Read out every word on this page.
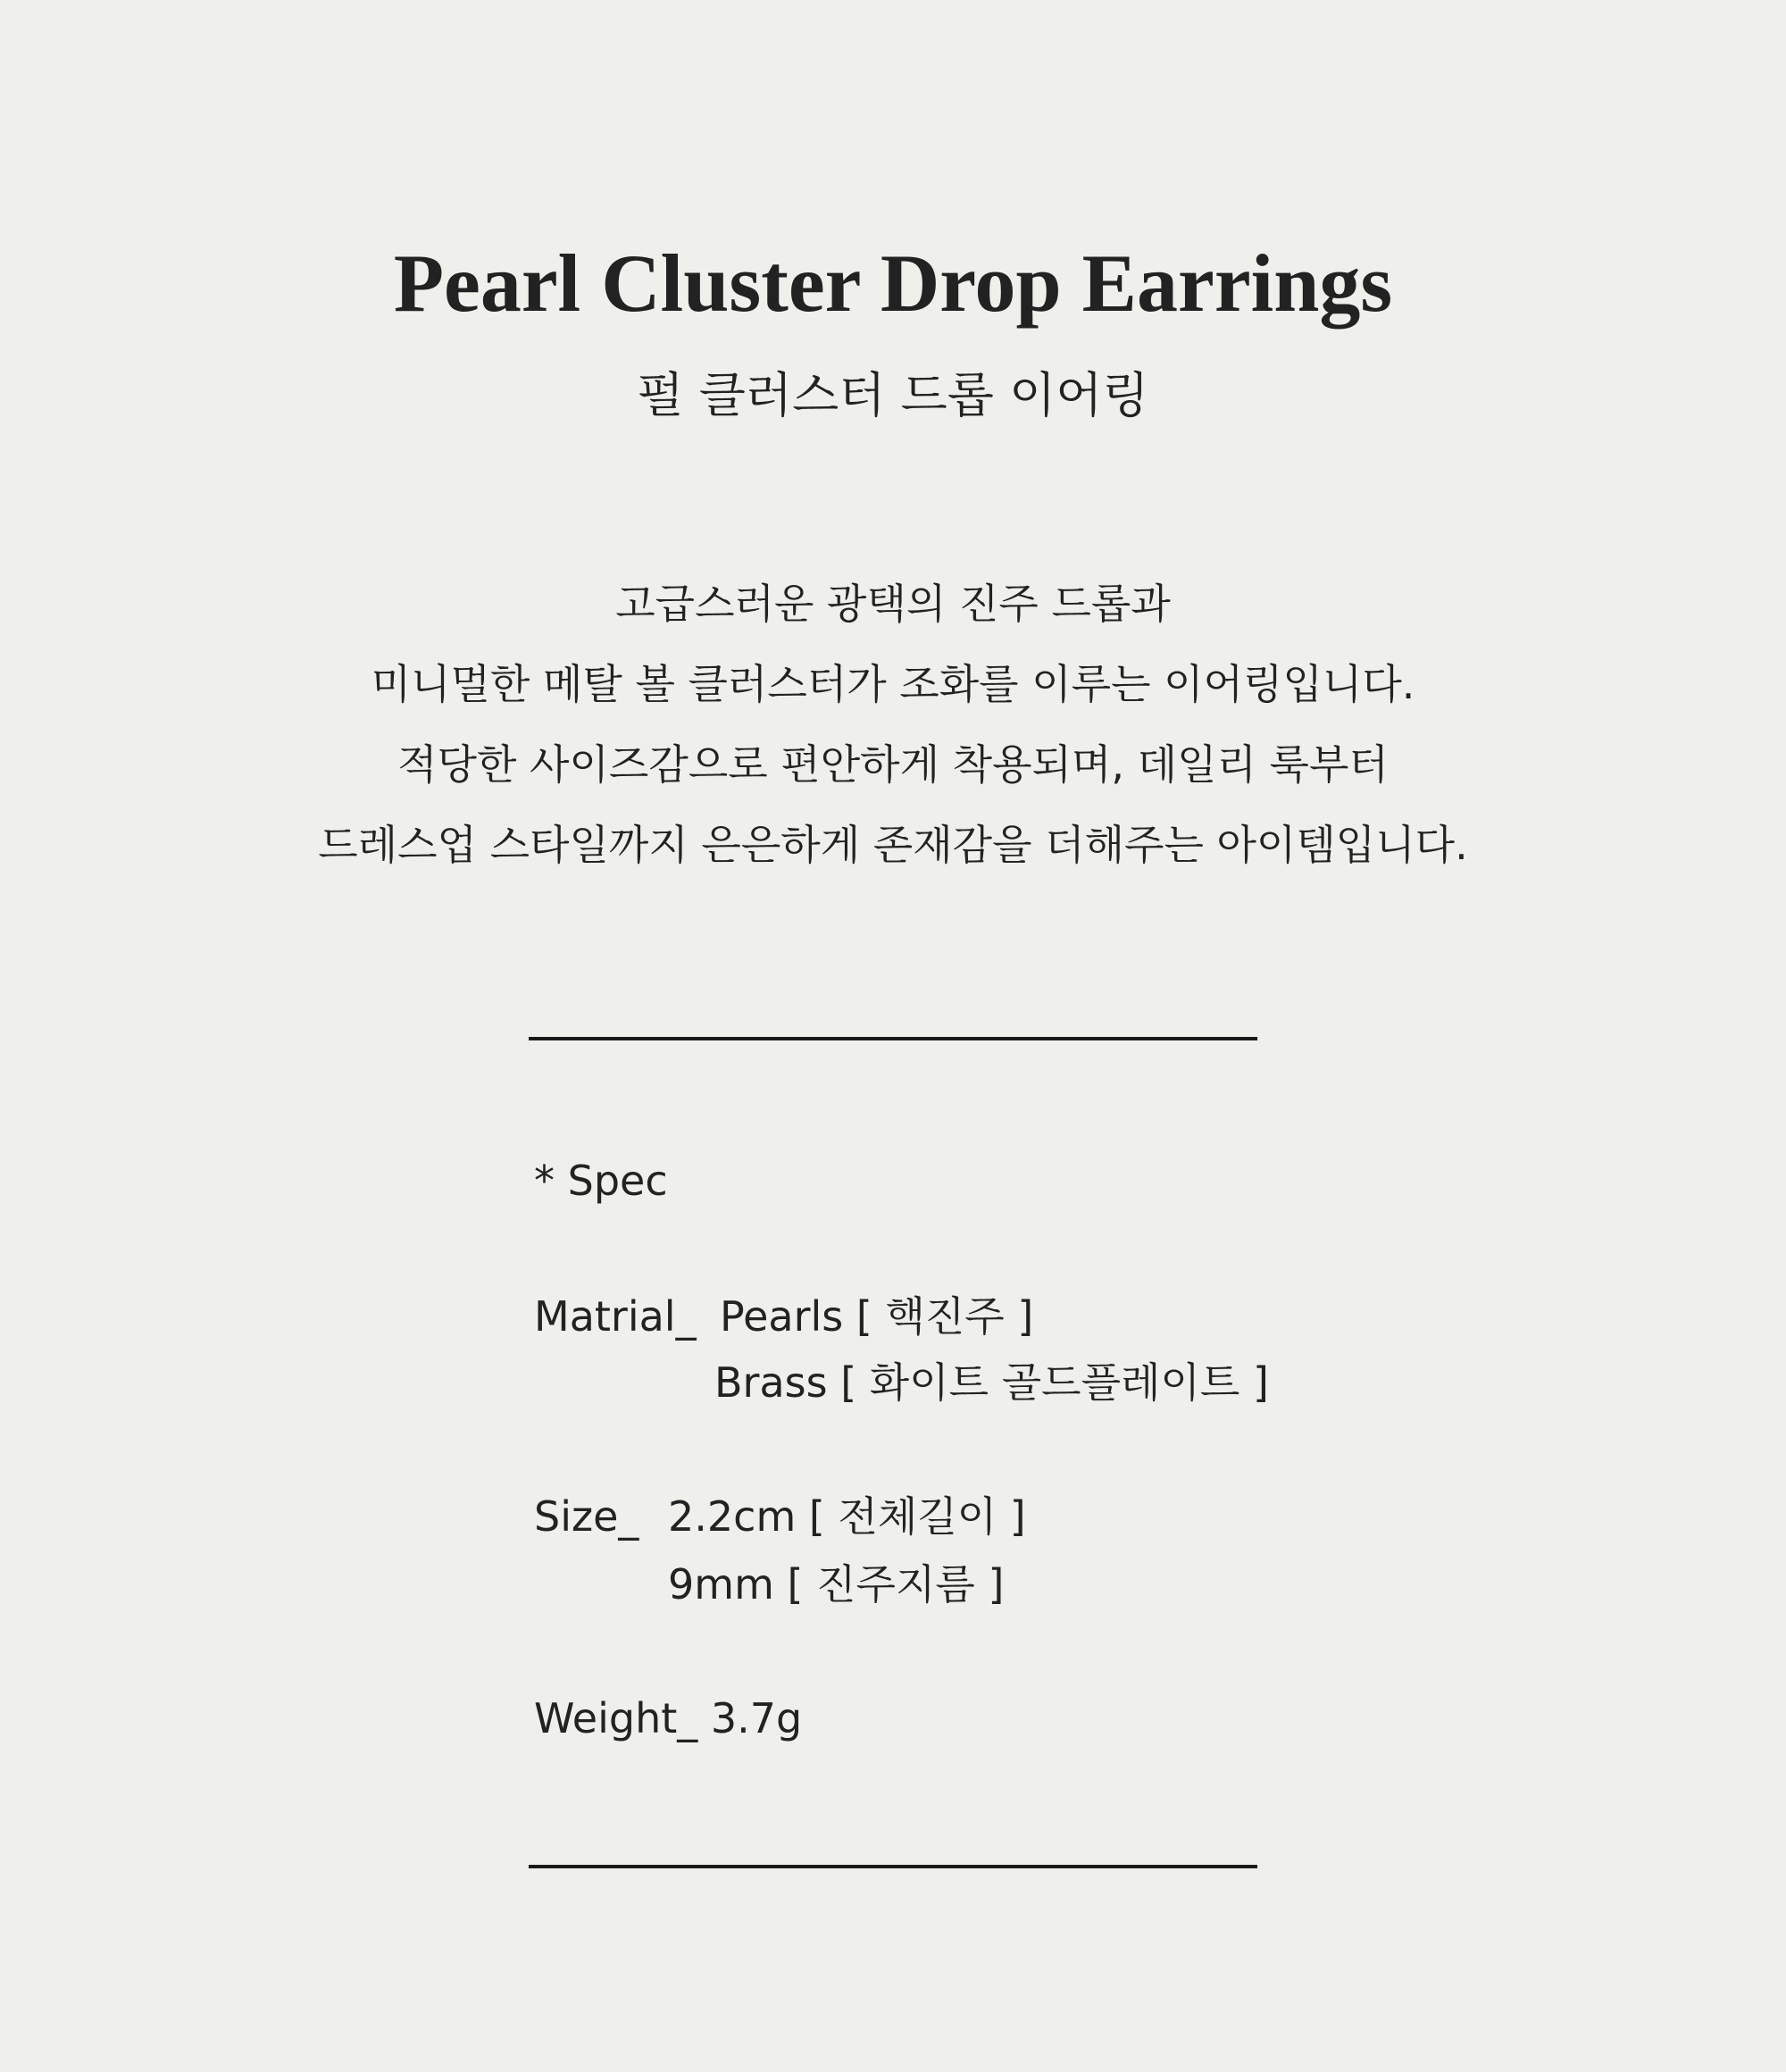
Pearl Cluster Drop Earrings
펄 클러스터 드롭 이어링
고급스러운 광택의 진주 드롭과
미니멀한 메탈 볼 클러스터가 조화를 이루는 이어링입니다.
적당한 사이즈감으로 편안하게 착용되며, 데일리 룩부터
드레스업 스타일까지 은은하게 존재감을 더해주는 아이템입니다.
* Spec
Matrial_ Pearls [ 핵진주 ]
Brass [ 화이트 골드플레이트 ]
Size_ 2.2cm [ 전체길이 ]
9mm [ 진주지름 ]
Weight_ 3.7g
